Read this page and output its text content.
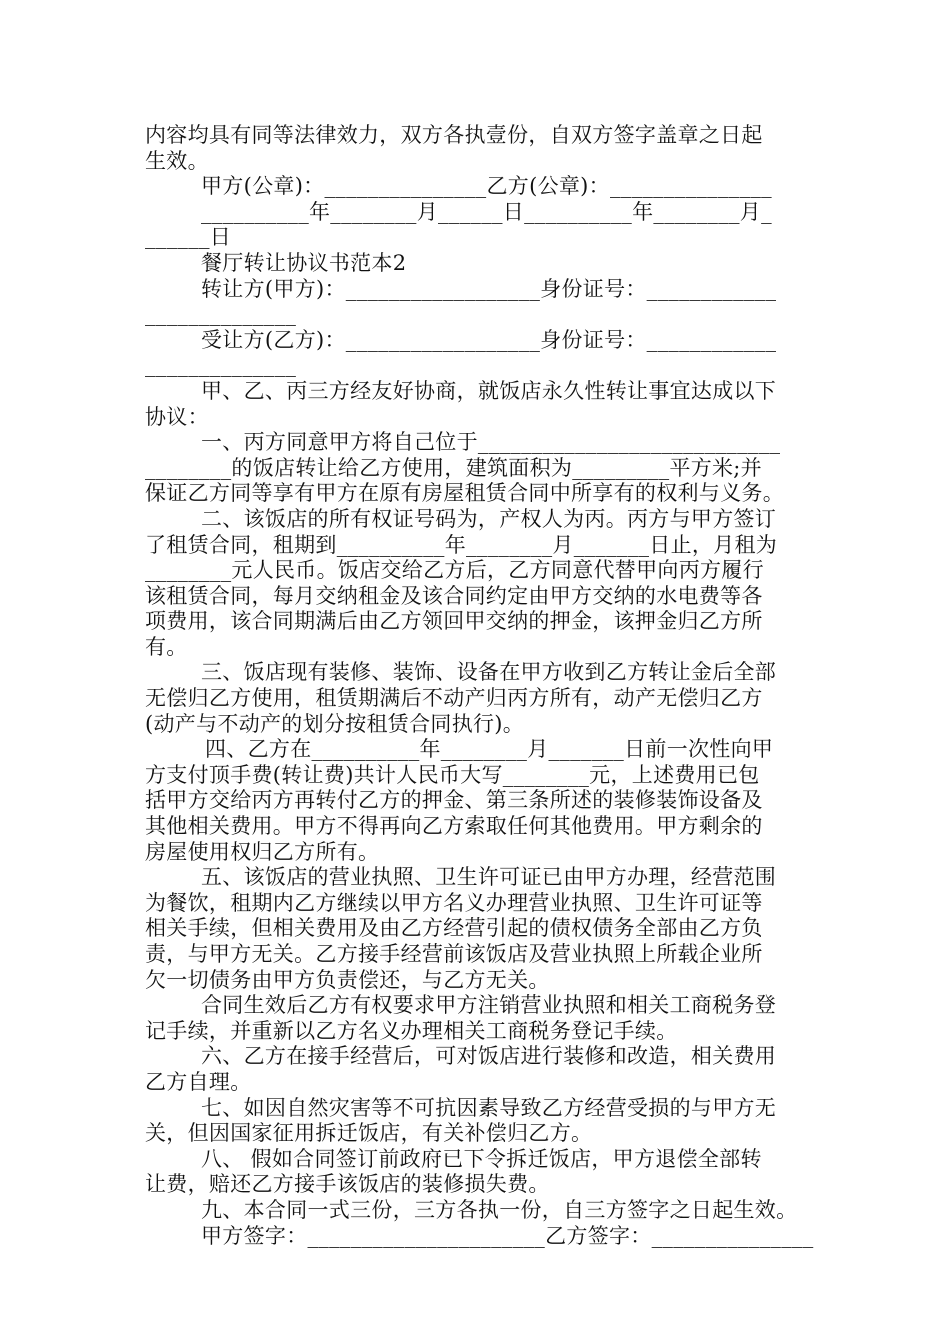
内容均具有同等法律效力，双方各执壹份，自双方签字盖章之日起
生效。
甲方(公章)：_______________乙方(公章)：_______________
__________年________月______日__________年________月_
______日
餐厅转让协议书范本2
转让方(甲方)：__________________身份证号：____________
______________
受让方(乙方)：__________________身份证号：____________
______________
甲、乙、丙三方经友好协商，就饭店永久性转让事宜达成以下
协议：
一、丙方同意甲方将自己位于____________________________
________的饭店转让给乙方使用，建筑面积为_________平方米;并
保证乙方同等享有甲方在原有房屋租赁合同中所享有的权利与义务。
二、该饭店的所有权证号码为，产权人为丙。丙方与甲方签订
了租赁合同，租期到__________年________月_______日止，月租为
________元人民币。饭店交给乙方后，乙方同意代替甲向丙方履行
该租赁合同，每月交纳租金及该合同约定由甲方交纳的水电费等各
项费用，该合同期满后由乙方领回甲交纳的押金，该押金归乙方所
有。
三、饭店现有装修、装饰、设备在甲方收到乙方转让金后全部
无偿归乙方使用，租赁期满后不动产归丙方所有，动产无偿归乙方
(动产与不动产的划分按租赁合同执行)。
四、乙方在__________年________月_______日前一次性向甲
方支付顶手费(转让费)共计人民币大写________元，上述费用已包
括甲方交给丙方再转付乙方的押金、第三条所述的装修装饰设备及
其他相关费用。甲方不得再向乙方索取任何其他费用。甲方剩余的
房屋使用权归乙方所有。
五、该饭店的营业执照、卫生许可证已由甲方办理，经营范围
为餐饮，租期内乙方继续以甲方名义办理营业执照、卫生许可证等
相关手续，但相关费用及由乙方经营引起的债权债务全部由乙方负
责，与甲方无关。乙方接手经营前该饭店及营业执照上所载企业所
欠一切债务由甲方负责偿还，与乙方无关。
合同生效后乙方有权要求甲方注销营业执照和相关工商税务登
记手续，并重新以乙方名义办理相关工商税务登记手续。
六、乙方在接手经营后，可对饭店进行装修和改造，相关费用
乙方自理。
七、如因自然灾害等不可抗因素导致乙方经营受损的与甲方无
关，但因国家征用拆迁饭店，有关补偿归乙方。
八、 假如合同签订前政府已下令拆迁饭店，甲方退偿全部转
让费，赔还乙方接手该饭店的装修损失费。
九、本合同一式三份，三方各执一份，自三方签字之日起生效。
甲方签字：______________________乙方签字：_______________
